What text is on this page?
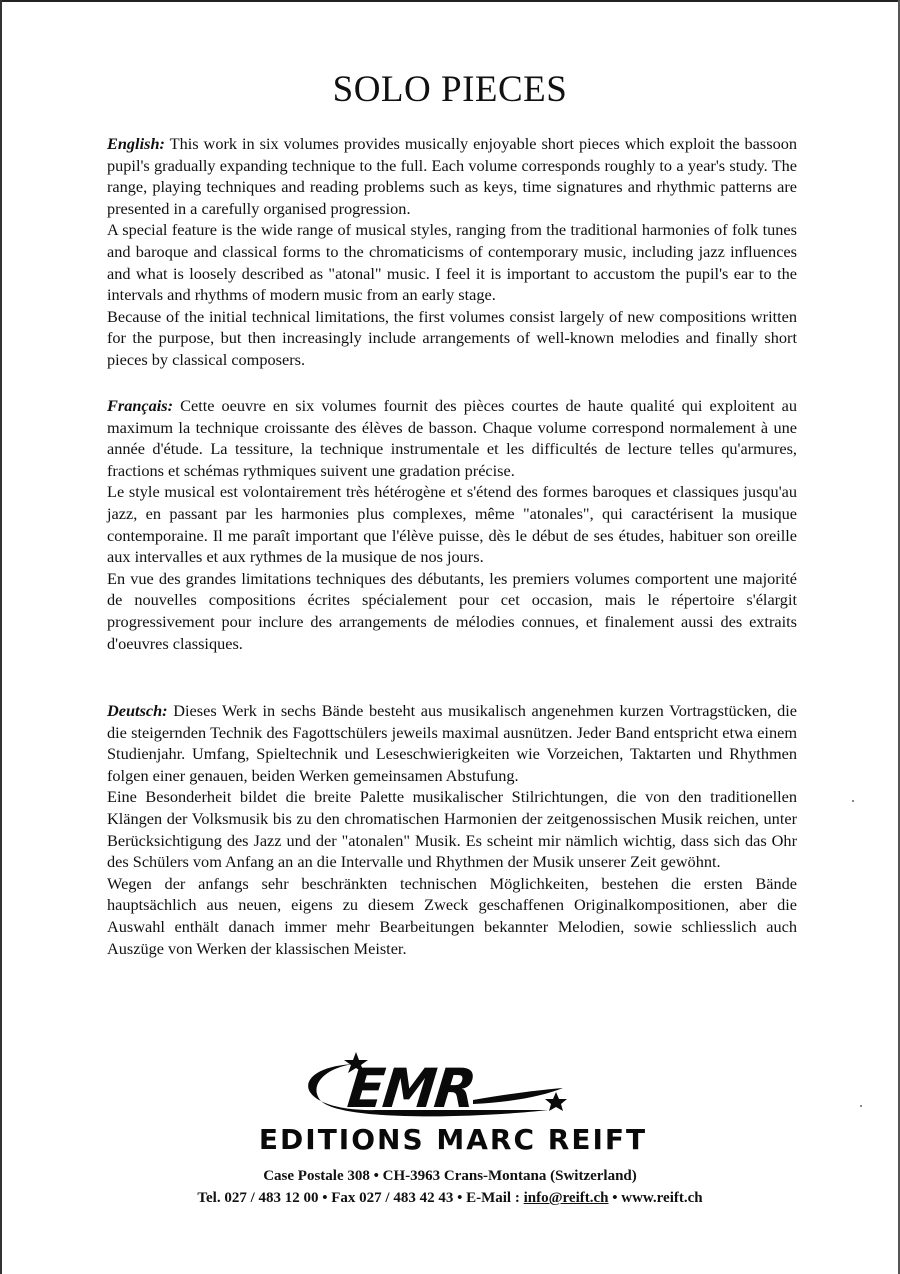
SOLO PIECES

English: This work in six volumes provides musically enjoyable short pieces which exploit the bassoon pupil's gradually expanding technique to the full. Each volume corresponds roughly to a year's study. The range, playing techniques and reading problems such as keys, time signatures and rhythmic patterns are presented in a carefully organised progression.

A special feature is the wide range of musical styles, ranging from the traditional harmonies of folk tunes and baroque and classical forms to the chromaticisms of contemporary music, including jazz influences and what is loosely described as "atonal" music. I feel it is important to accustom the pupil's ear to the intervals and rhythms of modern music from an early stage.

Because of the initial technical limitations, the first volumes consist largely of new compositions written for the purpose, but then increasingly include arrangements of well-known melodies and finally short pieces by classical composers.

Français: Cette oeuvre en six volumes fournit des pièces courtes de haute qualité qui exploitent au maximum la technique croissante des élèves de basson. Chaque volume correspond normalement à une année d'étude. La tessiture, la technique instrumentale et les difficultés de lecture telles qu'armures, fractions et schémas rythmiques suivent une gradation précise.

Le style musical est volontairement très hétérogène et s'étend des formes baroques et classiques jusqu'au jazz, en passant par les harmonies plus complexes, même "atonales", qui caractérisent la musique contemporaine. Il me paraît important que l'élève puisse, dès le début de ses études, habituer son oreille aux intervalles et aux rythmes de la musique de nos jours.

En vue des grandes limitations techniques des débutants, les premiers volumes comportent une majorité de nouvelles compositions écrites spécialement pour cet occasion, mais le répertoire s'élargit progressivement pour inclure des arrangements de mélodies connues, et finalement aussi des extraits d'oeuvres classiques.

Deutsch: Dieses Werk in sechs Bände besteht aus musikalisch angenehmen kurzen Vortragstücken, die die steigernden Technik des Fagottschülers jeweils maximal ausnützen. Jeder Band entspricht etwa einem Studienjahr. Umfang, Spieltechnik und Leseschwierigkeiten wie Vorzeichen, Taktarten und Rhythmen folgen einer genauen, beiden Werken gemeinsamen Abstufung.

Eine Besonderheit bildet die breite Palette musikalischer Stilrichtungen, die von den traditionellen Klängen der Volksmusik bis zu den chromatischen Harmonien der zeitgenossischen Musik reichen, unter Berücksichtigung des Jazz und der "atonalen" Musik. Es scheint mir nämlich wichtig, dass sich das Ohr des Schülers vom Anfang an an die Intervalle und Rhythmen der Musik unserer Zeit gewöhnt.

Wegen der anfangs sehr beschränkten technischen Möglichkeiten, bestehen die ersten Bände hauptsächlich aus neuen, eigens zu diesem Zweck geschaffenen Originalkompositionen, aber die Auswahl enthält danach immer mehr Bearbeitungen bekannter Melodien, sowie schliesslich auch Auszüge von Werken der klassischen Meister.

EMR
EDITIONS MARC REIFT
Case Postale 308 • CH-3963 Crans-Montana (Switzerland)
Tel. 027 / 483 12 00 • Fax 027 / 483 42 43 • E-Mail : info@reift.ch • www.reift.ch
